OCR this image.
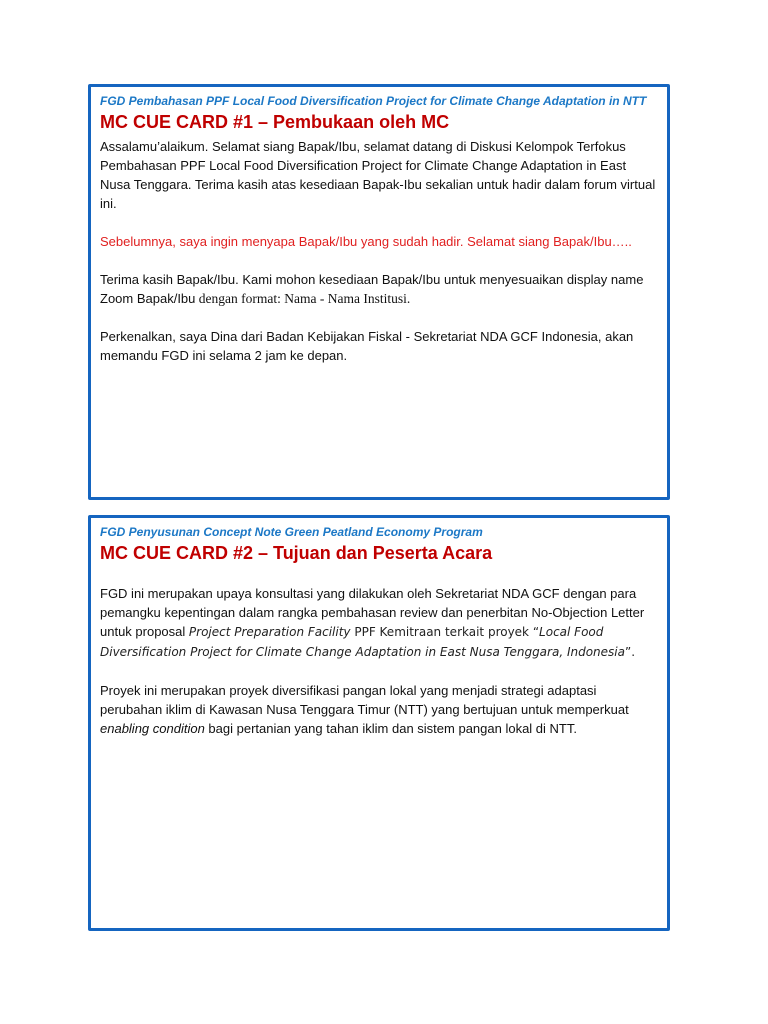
FGD Pembahasan PPF Local Food Diversification Project for Climate Change Adaptation in NTT
MC CUE CARD #1 – Pembukaan oleh MC

Assalamu’alaikum. Selamat siang Bapak/Ibu, selamat datang di Diskusi Kelompok Terfokus Pembahasan PPF Local Food Diversification Project for Climate Change Adaptation in East Nusa Tenggara. Terima kasih atas kesediaan Bapak-Ibu sekalian untuk hadir dalam forum virtual ini.

Sebelumnya, saya ingin menyapa Bapak/Ibu yang sudah hadir. Selamat siang Bapak/Ibu…..

Terima kasih Bapak/Ibu. Kami mohon kesediaan Bapak/Ibu untuk menyesuaikan display name Zoom Bapak/Ibu dengan format: Nama - Nama Institusi.

Perkenalkan, saya Dina dari Badan Kebijakan Fiskal - Sekretariat NDA GCF Indonesia, akan memandu FGD ini selama 2 jam ke depan.

FGD Penyusunan Concept Note Green Peatland Economy Program
MC CUE CARD #2 – Tujuan dan Peserta Acara

FGD ini merupakan upaya konsultasi yang dilakukan oleh Sekretariat NDA GCF dengan para pemangku kepentingan dalam rangka pembahasan review dan penerbitan No-Objection Letter untuk proposal Project Preparation Facility PPF Kemitraan terkait proyek “Local Food Diversification Project for Climate Change Adaptation in East Nusa Tenggara, Indonesia”.

Proyek ini merupakan proyek diversifikasi pangan lokal yang menjadi strategi adaptasi perubahan iklim di Kawasan Nusa Tenggara Timur (NTT) yang bertujuan untuk memperkuat enabling condition bagi pertanian yang tahan iklim dan sistem pangan lokal di NTT.
